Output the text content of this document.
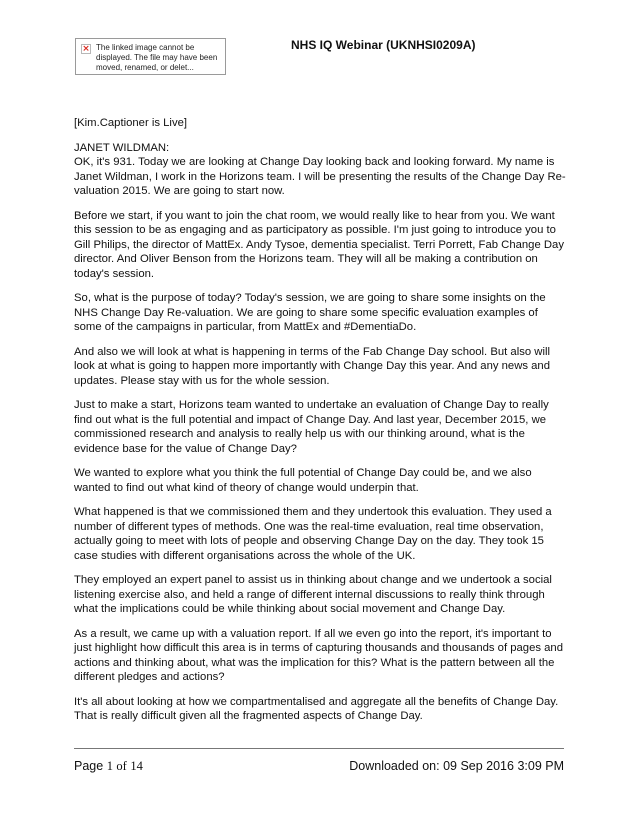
× The linked image cannot be displayed. The file may have been moved, renamed, or delet...
NHS IQ Webinar (UKNHSI0209A)

[Kim.Captioner is Live]

JANET WILDMAN:
OK, it's 931. Today we are looking at Change Day looking back and looking forward. My name is Janet Wildman, I work in the Horizons team. I will be presenting the results of the Change Day Re-valuation 2015. We are going to start now.

Before we start, if you want to join the chat room, we would really like to hear from you. We want this session to be as engaging and as participatory as possible. I'm just going to introduce you to Gill Philips, the director of MattEx. Andy Tysoe, dementia specialist. Terri Porrett, Fab Change Day director. And Oliver Benson from the Horizons team. They will all be making a contribution on today's session.

So, what is the purpose of today? Today's session, we are going to share some insights on the NHS Change Day Re-valuation. We are going to share some specific evaluation examples of some of the campaigns in particular, from MattEx and #DementiaDo.

And also we will look at what is happening in terms of the Fab Change Day school. But also will look at what is going to happen more importantly with Change Day this year. And any news and updates. Please stay with us for the whole session.

Just to make a start, Horizons team wanted to undertake an evaluation of Change Day to really find out what is the full potential and impact of Change Day. And last year, December 2015, we commissioned research and analysis to really help us with our thinking around, what is the evidence base for the value of Change Day?

We wanted to explore what you think the full potential of Change Day could be, and we also wanted to find out what kind of theory of change would underpin that.

What happened is that we commissioned them and they undertook this evaluation. They used a number of different types of methods. One was the real-time evaluation, real time observation, actually going to meet with lots of people and observing Change Day on the day. They took 15 case studies with different organisations across the whole of the UK.

They employed an expert panel to assist us in thinking about change and we undertook a social listening exercise also, and held a range of different internal discussions to really think through what the implications could be while thinking about social movement and Change Day.

As a result, we came up with a valuation report. If all we even go into the report, it's important to just highlight how difficult this area is in terms of capturing thousands and thousands of pages and actions and thinking about, what was the implication for this? What is the pattern between all the different pledges and actions?

It's all about looking at how we compartmentalised and aggregate all the benefits of Change Day. That is really difficult given all the fragmented aspects of Change Day.

Page 1 of 14	Downloaded on: 09 Sep 2016 3:09 PM
